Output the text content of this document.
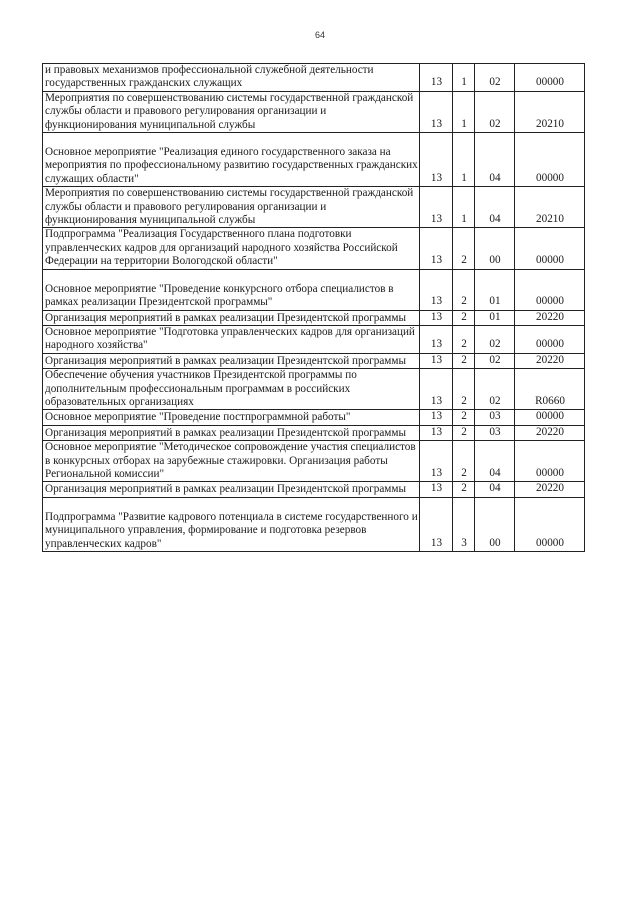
64
и правовых механизмов профессиональной служебной деятельности государственных гражданских служащих	13	1	02	00000
Мероприятия по совершенствованию системы государственной гражданской службы области и правового регулирования организации и функционирования муниципальной службы	13	1	02	20210
Основное мероприятие "Реализация единого государственного заказа на мероприятия по профессиональному развитию государственных гражданских служащих области"	13	1	04	00000
Мероприятия по совершенствованию системы государственной гражданской службы области и правового регулирования организации и функционирования муниципальной службы	13	1	04	20210
Подпрограмма "Реализация Государственного плана подготовки управленческих кадров для организаций народного хозяйства Российской Федерации на территории Вологодской области"	13	2	00	00000
Основное мероприятие "Проведение конкурсного отбора специалистов в рамках реализации Президентской программы"	13	2	01	00000
Организация мероприятий в рамках реализации Президентской программы	13	2	01	20220
Основное мероприятие "Подготовка управленческих кадров для организаций народного хозяйства"	13	2	02	00000
Организация мероприятий в рамках реализации Президентской программы	13	2	02	20220
Обеспечение обучения участников Президентской программы по дополнительным профессиональным программам в российских образовательных организациях	13	2	02	R0660
Основное мероприятие "Проведение постпрограммной работы"	13	2	03	00000
Организация мероприятий в рамках реализации Президентской программы	13	2	03	20220
Основное мероприятие "Методическое сопровождение участия специалистов в конкурсных отборах на зарубежные стажировки. Организация работы Региональной комиссии"	13	2	04	00000
Организация мероприятий в рамках реализации Президентской программы	13	2	04	20220
Подпрограмма "Развитие кадрового потенциала в системе государственного и муниципального управления, формирование и подготовка резервов управленческих кадров"	13	3	00	00000
